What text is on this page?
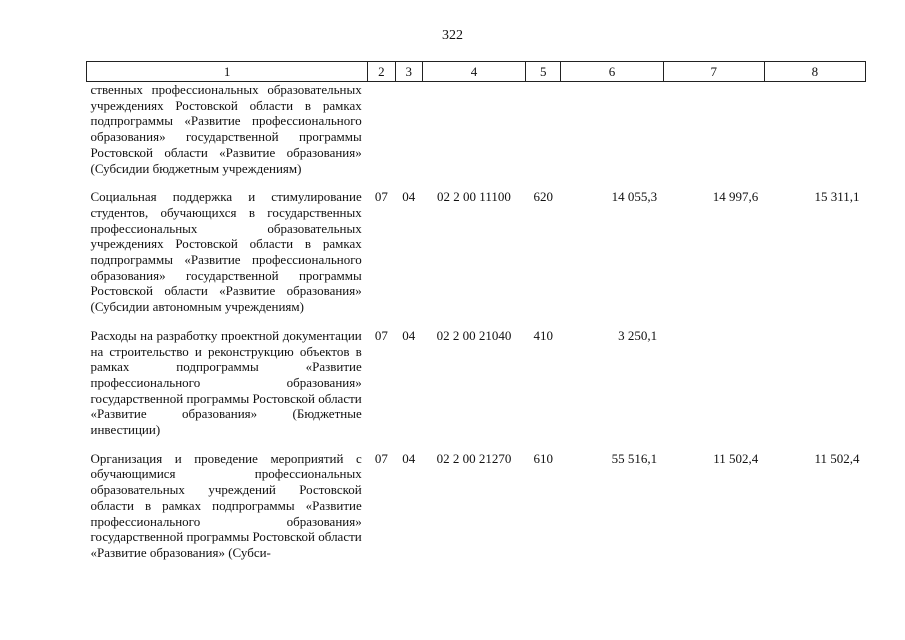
322
1	2	3	4	5	6	7	8
ственных профессиональных образовательных учреждениях Ростовской области в рамках подпрограммы «Развитие профессионального образования» государственной программы Ростовской области «Развитие образования» (Субсидии бюджетным учреждениям)							
Социальная поддержка и стимулирование студентов, обучающихся в государственных профессиональных образовательных учреждениях Ростовской области в рамках подпрограммы «Развитие профессионального образования» государственной программы Ростовской области «Развитие образования» (Субсидии автономным учреждениям)	07	04	02 2 00 11100	620	14 055,3	14 997,6	15 311,1
Расходы на разработку проектной документации на строительство и реконструкцию объектов в рамках подпрограммы «Развитие профессионального образования» государственной программы Ростовской области «Развитие образования» (Бюджетные инвестиции)	07	04	02 2 00 21040	410	3 250,1		
Организация и проведение мероприятий с обучающимися профессиональных образовательных учреждений Ростовской области в рамках подпрограммы «Развитие профессионального образования» государственной программы Ростовской области «Развитие образования» (Субси-	07	04	02 2 00 21270	610	55 516,1	11 502,4	11 502,4
